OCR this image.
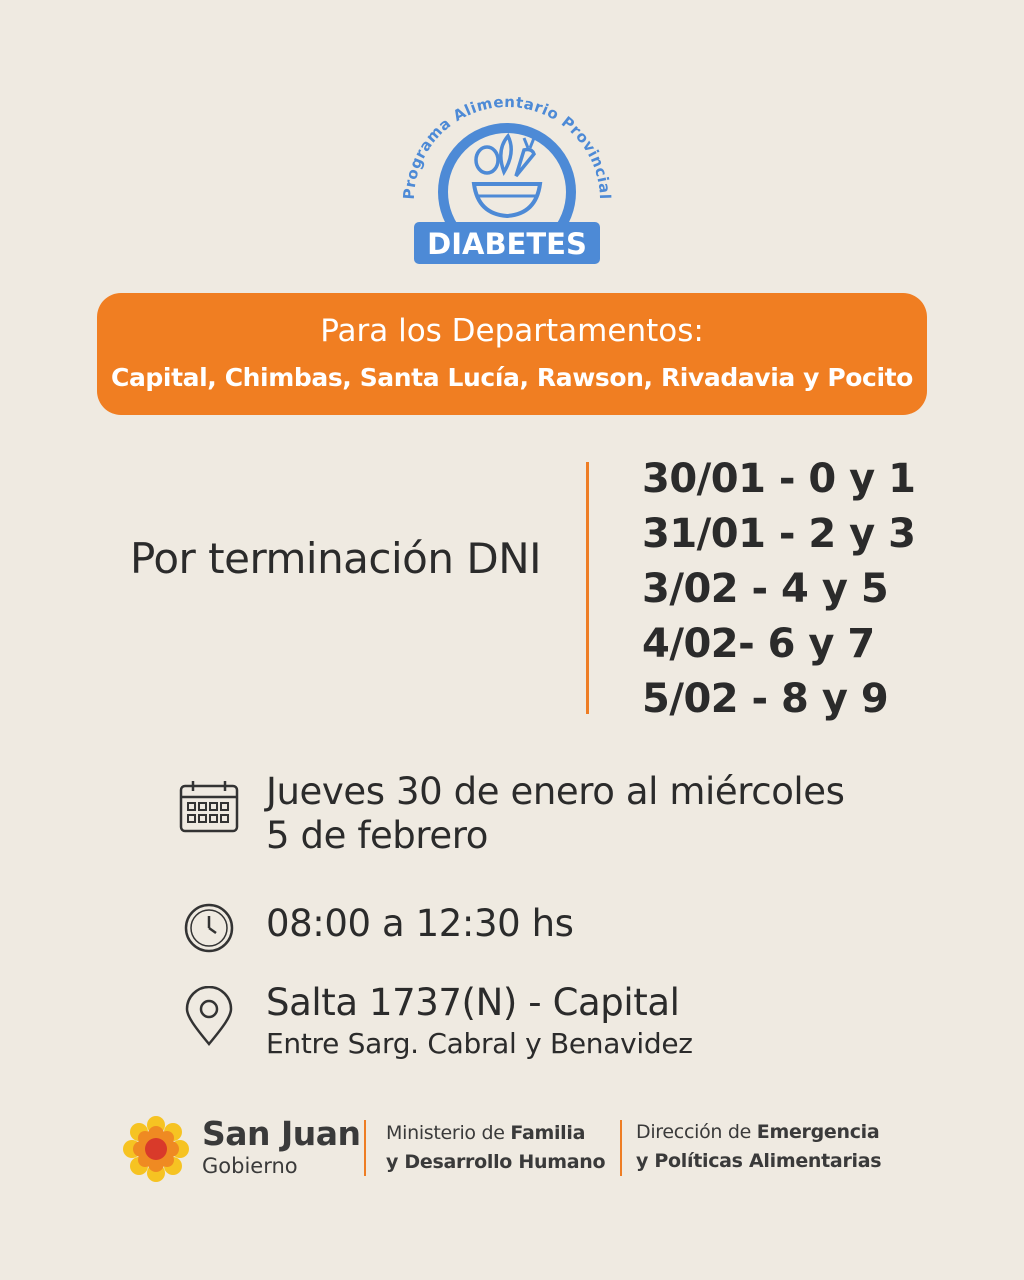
Programa Alimentario Provincial
DIABETES
Para los Departamentos:
Capital, Chimbas, Santa Lucía, Rawson, Rivadavia y Pocito
Por terminación DNI
30/01 - 0 y 1
31/01 - 2 y 3
3/02 - 4 y 5
4/02- 6 y 7
5/02 - 8 y 9
Jueves 30 de enero al miércoles
5 de febrero
08:00 a 12:30 hs
Salta 1737(N) - Capital
Entre Sarg. Cabral y Benavidez
San Juan
Gobierno
Ministerio de Familia
y Desarrollo Humano
Dirección de Emergencia
y Políticas Alimentarias
